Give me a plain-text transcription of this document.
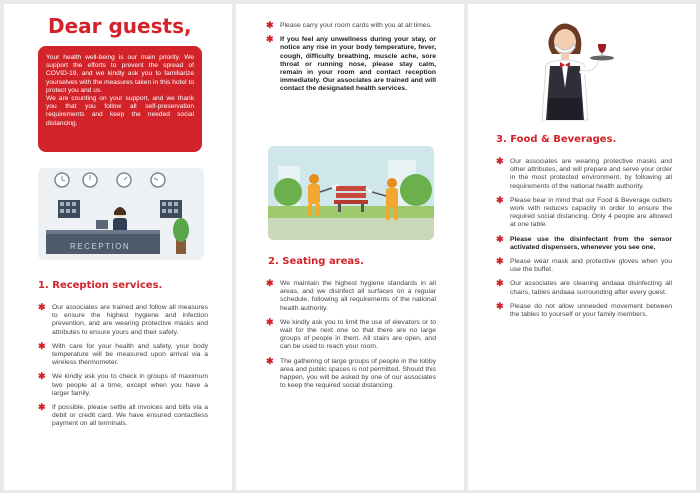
Dear guests,

Your health well-being is our main priority. We support the efforts to prevent the spread of COVID-19, and we kindly ask you to familiarize yourselves with the measures taken in this hotel to protect you and us.

We are counting on your support, and we thank you that you follow all self-preservation requirements and keep the needed social distancing.

RECEPTION
1. Reception services.
✱ Our associates are trained and follow all measures to ensure the highest hygiene and infection prevention, and are wearing protective masks and attributes to ensure yours and their safety.
✱ With care for your health and safety, your body temperature will be measured upon arrival via a wireless thermometer.
✱ We kindly ask you to check in groups of maximum two people at a time, except when you have a larger family.
✱ If possible, please settle all invoices and bills via a debit or credit card. We have ensured contactless payment on all terminals.
✱ Please carry your room cards with you at all times.
✱ If you feel any unwellness during your stay, or notice any rise in your body temperature, fever, cough, difficulty breathing, muscle ache, sore throat or running nose, please stay calm, remain in your room and contact reception immediately. Our associates are trained and will contact the designated health services.
2. Seating areas.
✱ We maintain the highest hygiene standards in all areas, and we disinfect all surfaces on a regular schedule, following all requirements of the national health authority.
✱ We kindly ask you to limit the use of elevators or to wait for the next one so that there are no large groups of people in them. All stairs are open, and can be used to reach your room.
✱ The gathering of large groups of people in the lobby area and public spaces is not permitted. Should this happen, you will be asked by one of our associates to keep the required social distancing.
3. Food & Beverages.
✱ Our associates are wearing protective masks and other attributes, and will prepare and serve your order in the most protected environment, by following all requirements of the national health authority.
✱ Please bear in mind that our Food & Beverage outlets work with reduces capacity in order to ensure the required social distancing. Only 4 people are allowed at one table.
✱ Please use the disinfectant from the sensor activated dispensers, whenever you see one.
✱ Please wear mask and protective gloves when you use the buffet.
✱ Our associates are cleaning andaaa disinfecting all chairs, tables andaaa surrounding after every guest.
✱ Please do not allow unneeded movement between the tables to yourself or your family members.
